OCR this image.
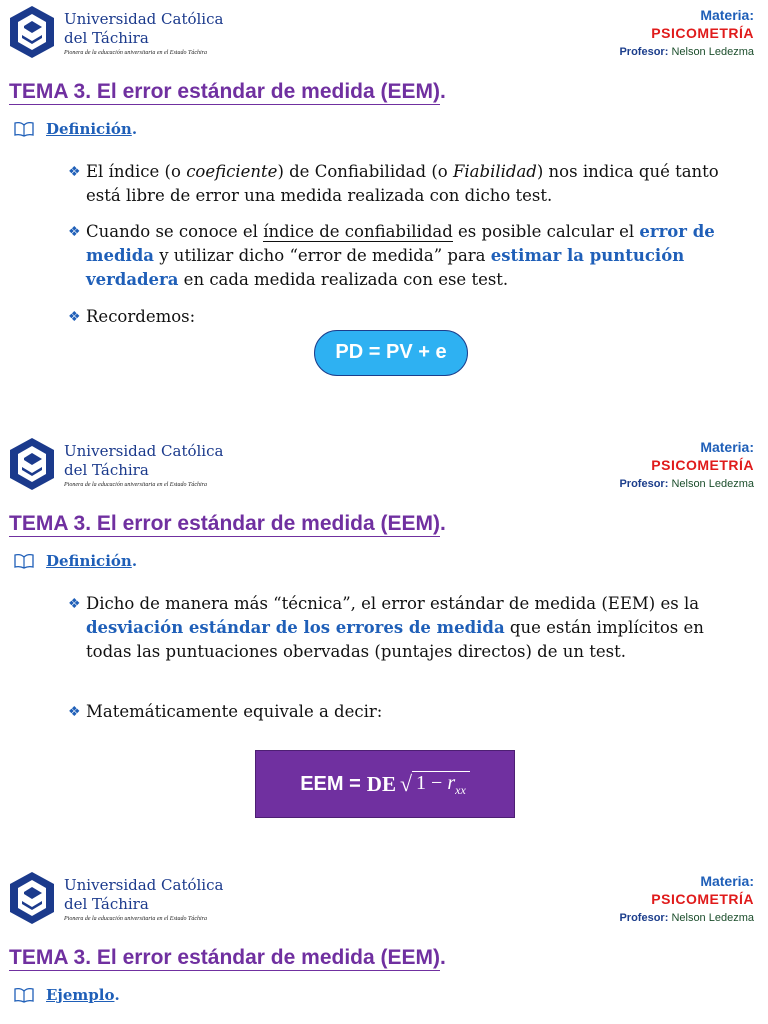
Universidad Católica
del Táchira
Pionera de la educación universitaria en el Estado Táchira
Materia:
PSICOMETRÍA
Profesor: Nelson Ledezma
TEMA 3. El error estándar de medida (EEM).
Definición .
❖ El índice (o coeficiente) de Confiabilidad (o Fiabilidad) nos indica qué tanto está libre de error una medida realizada con dicho test.
❖ Cuando se conoce el índice de confiabilidad es posible calcular el error de medida y utilizar dicho “error de medida” para estimar la puntución verdadera en cada medida realizada con ese test.
❖ Recordemos:
PD = PV + e
Universidad Católica
del Táchira
Pionera de la educación universitaria en el Estado Táchira
Materia:
PSICOMETRÍA
Profesor: Nelson Ledezma
TEMA 3. El error estándar de medida (EEM).
Definición .
❖ Dicho de manera más “técnica”, el error estándar de medida (EEM) es la desviación estándar de los errores de medida que están implícitos en todas las puntuaciones obervadas (puntajes directos) de un test.
❖ Matemáticamente equivale a decir:
EEM = DE √ $1 - r_{xx}$
Universidad Católica
del Táchira
Pionera de la educación universitaria en el Estado Táchira
Materia:
PSICOMETRÍA
Profesor: Nelson Ledezma
TEMA 3. El error estándar de medida (EEM).
Ejemplo .
